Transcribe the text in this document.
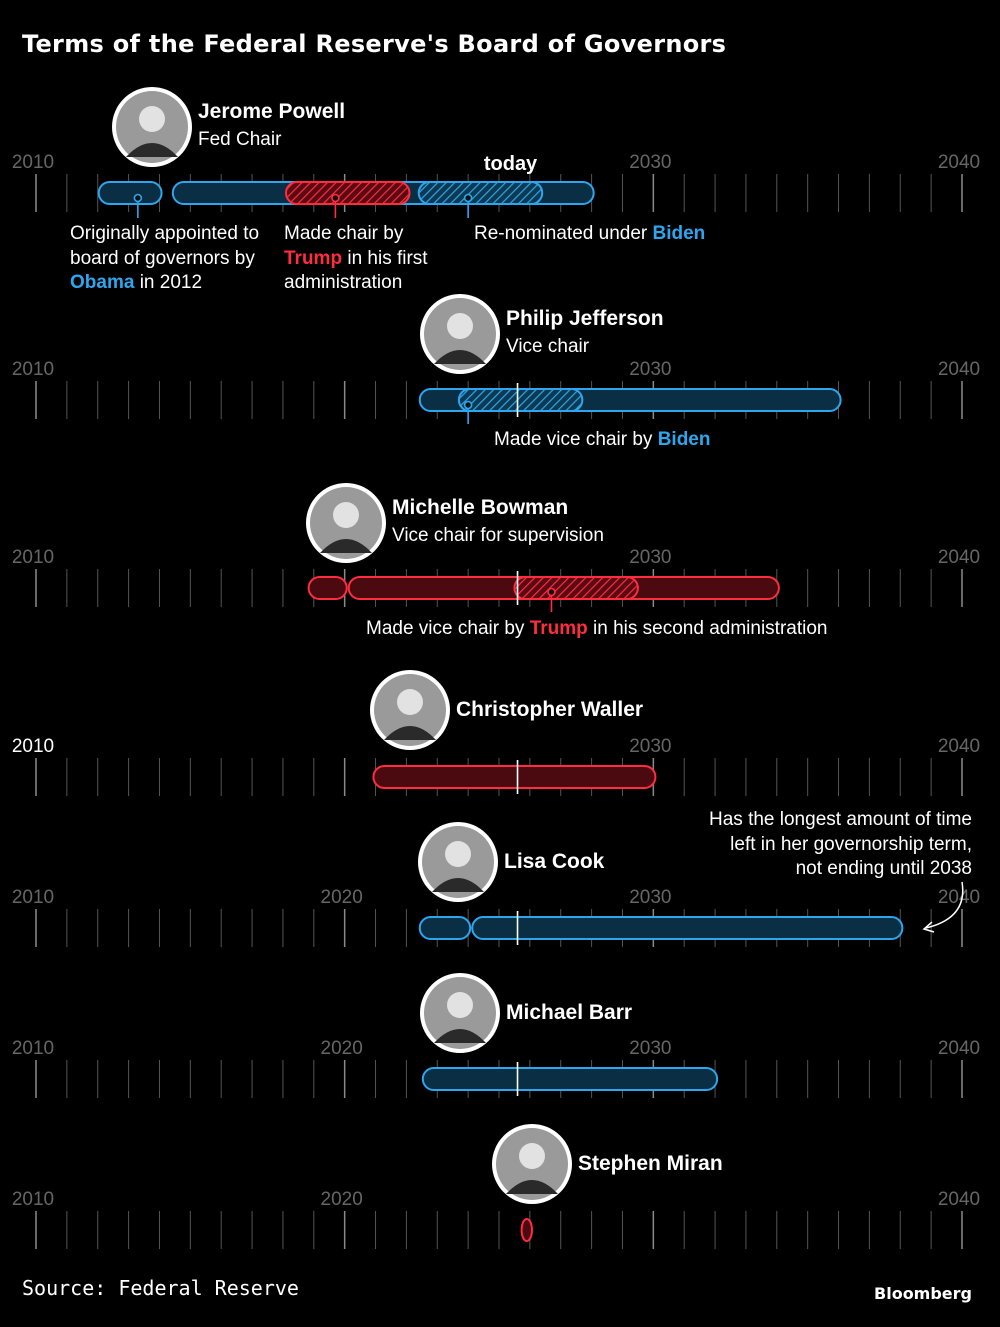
Terms of the Federal Reserve's Board of Governors
2010	2030	2040
Jerome Powell
Fed Chair
2010	2030	2040
Philip Jefferson
Vice chair
2010	2030	2040
Michelle Bowman
Vice chair for supervision
2010	2030	2040
Christopher Waller
2010	2020	2030	2040
Lisa Cook
2010	2020	2030	2040
Michael Barr
2010	2020	2040
Stephen Miran
today
Originally appointed to board of governors by Obama in 2012
Made chair by Trump in his first administration
Re-nominated under Biden
Made vice chair by Biden
Made vice chair by Trump in his second administration
Has the longest amount of time left in her governorship term, not ending until 2038
Source: Federal Reserve	Bloomberg
